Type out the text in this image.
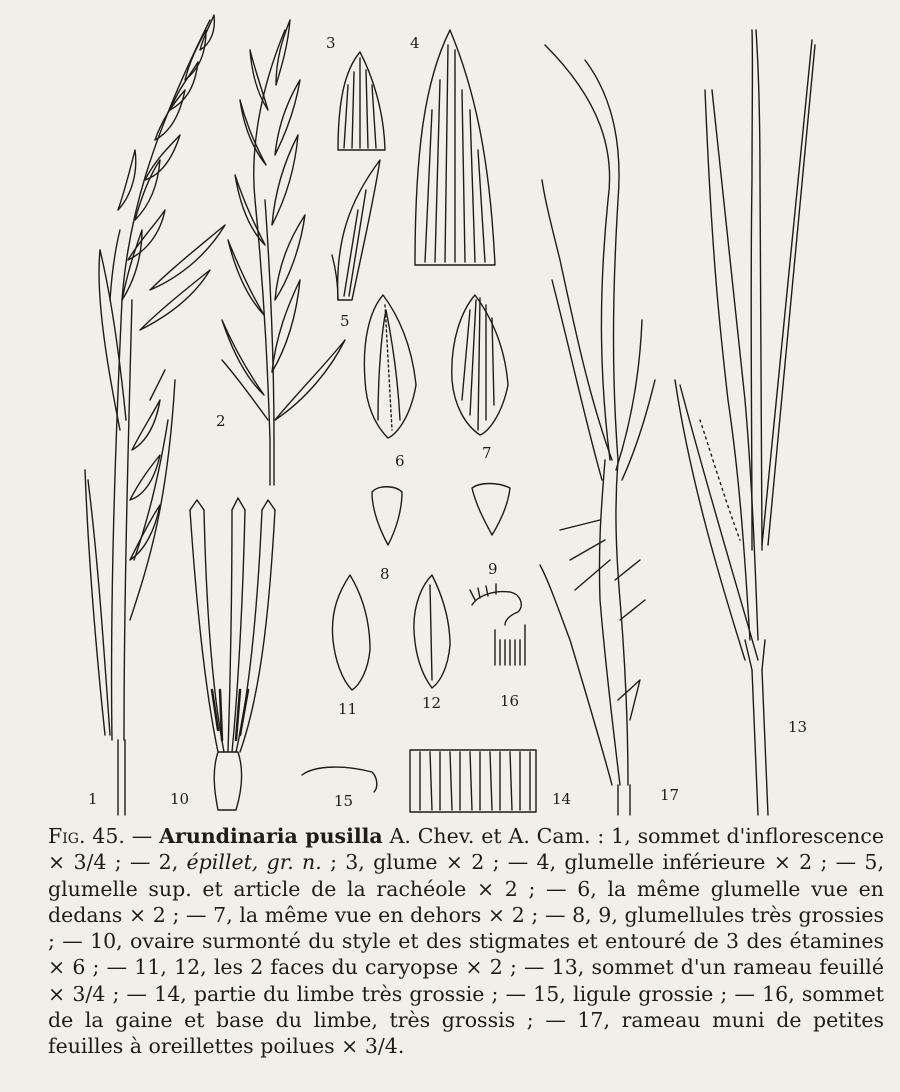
1
2
3	4
5
6	7
8	9
10
11	12
13
14
15
16
17
Fig. 45. — Arundinaria pusilla A. Chev. et A. Cam. : 1, sommet d'inflorescence ⨯ 3/4 ; — 2, épillet, gr. n. ; 3, glume ⨯ 2 ; — 4, glumelle inférieure ⨯ 2 ; — 5, glumelle sup. et article de la rachéole ⨯ 2 ; — 6, la même glumelle vue en dedans ⨯ 2 ; — 7, la même vue en dehors ⨯ 2 ; — 8, 9, glumellules très grossies ; — 10, ovaire surmonté du style et des stigmates et entouré de 3 des étamines ⨯ 6 ; — 11, 12, les 2 faces du caryopse ⨯ 2 ; — 13, sommet d'un rameau feuillé ⨯ 3/4 ; — 14, partie du limbe très grossie ; — 15, ligule grossie ; — 16, sommet de la gaine et base du limbe, très grossis ; — 17, rameau muni de petites feuilles à oreillettes poilues ⨯ 3/4.
